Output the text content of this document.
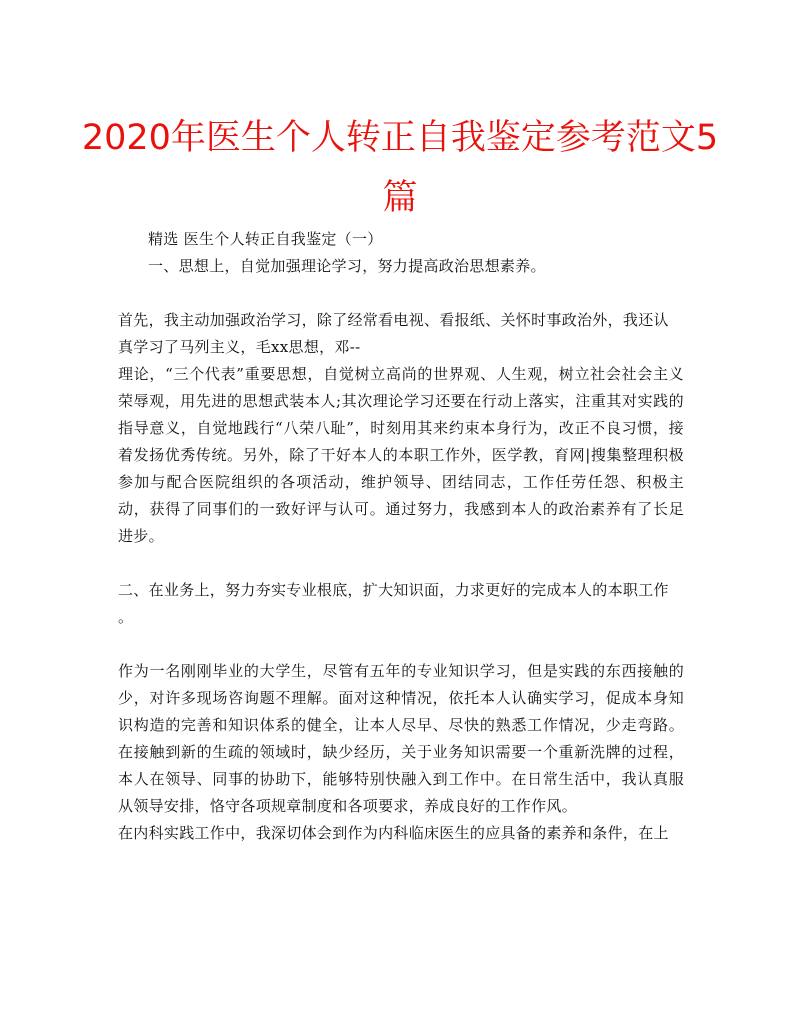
2020年医生个人转正自我鉴定参考范文5
篇
精选 医生个人转正自我鉴定（一）
一、思想上，自觉加强理论学习，努力提高政治思想素养。
首先，我主动加强政治学习，除了经常看电视、看报纸、关怀时事政治外，我还认
真学习了马列主义，毛xx思想，邓--
理论，“三个代表”重要思想，自觉树立高尚的世界观、人生观，树立社会社会主义荣辱观，用先进的思想武装本人;其次理论学习还要在行动上落实，注重其对实践的指导意义，自觉地践行“八荣八耻”，时刻用其来约束本身行为，改正不良习惯，接着发扬优秀传统。另外，除了干好本人的本职工作外，医学教，育网|搜集整理积极参加与配合医院组织的各项活动，维护领导、团结同志，工作任劳任怨、积极主动，获得了同事们的一致好评与认可。通过努力，我感到本人的政治素养有了长足进步。
二、在业务上，努力夯实专业根底，扩大知识面，力求更好的完成本人的本职工作
。
作为一名刚刚毕业的大学生，尽管有五年的专业知识学习，但是实践的东西接触的少，对许多现场咨询题不理解。面对这种情况，依托本人认确实学习，促成本身知识构造的完善和知识体系的健全，让本人尽早、尽快的熟悉工作情况，少走弯路。在接触到新的生疏的领域时，缺少经历，关于业务知识需要一个重新洗牌的过程，本人在领导、同事的协助下，能够特别快融入到工作中。在日常生活中，我认真服从领导安排，恪守各项规章制度和各项要求，养成良好的工作作风。
在内科实践工作中，我深切体会到作为内科临床医生的应具备的素养和条件，在上
